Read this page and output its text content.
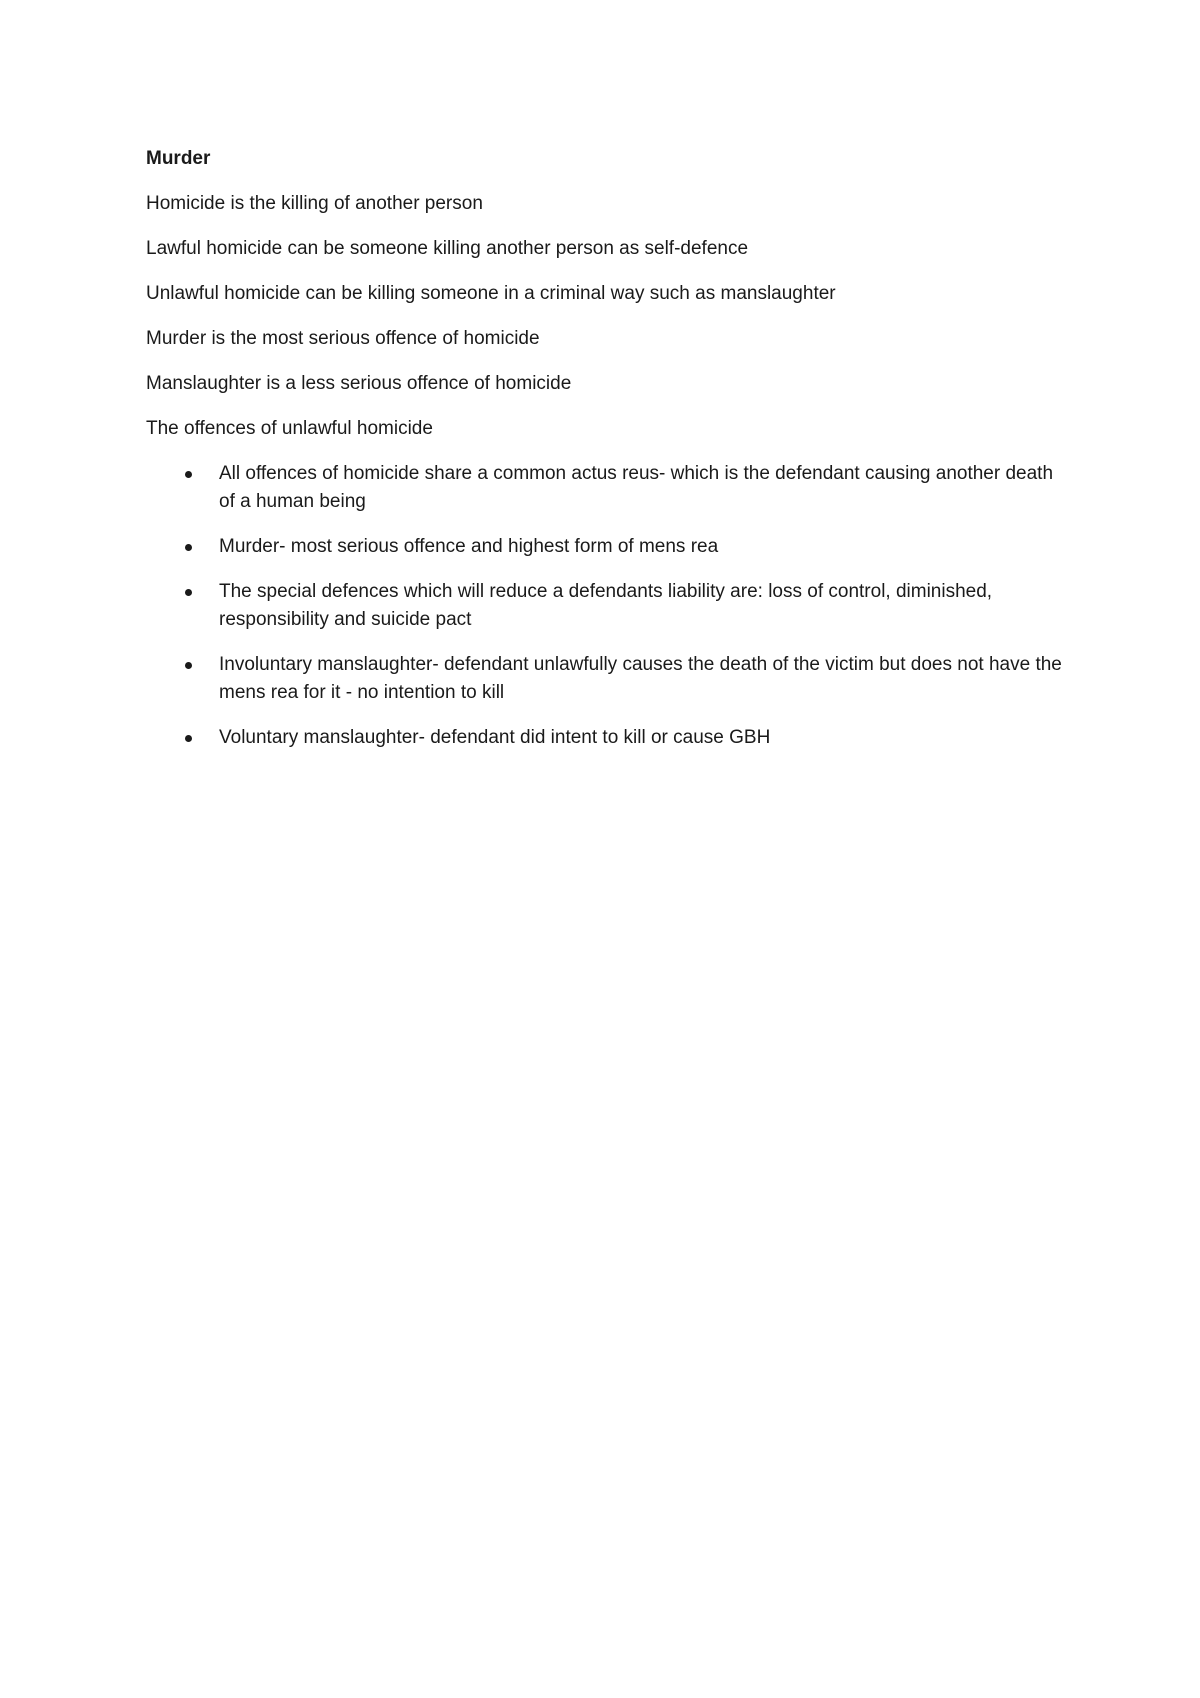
Murder

Homicide is the killing of another person

Lawful homicide can be someone killing another person as self-defence

Unlawful homicide can be killing someone in a criminal way such as manslaughter

Murder is the most serious offence of homicide

Manslaughter is a less serious offence of homicide

The offences of unlawful homicide

All offences of homicide share a common actus reus- which is the defendant causing another death of a human being
Murder- most serious offence and highest form of mens rea
The special defences which will reduce a defendants liability are: loss of control, diminished, responsibility and suicide pact
Involuntary manslaughter- defendant unlawfully causes the death of the victim but does not have the mens rea for it - no intention to kill
Voluntary manslaughter- defendant did intent to kill or cause GBH
